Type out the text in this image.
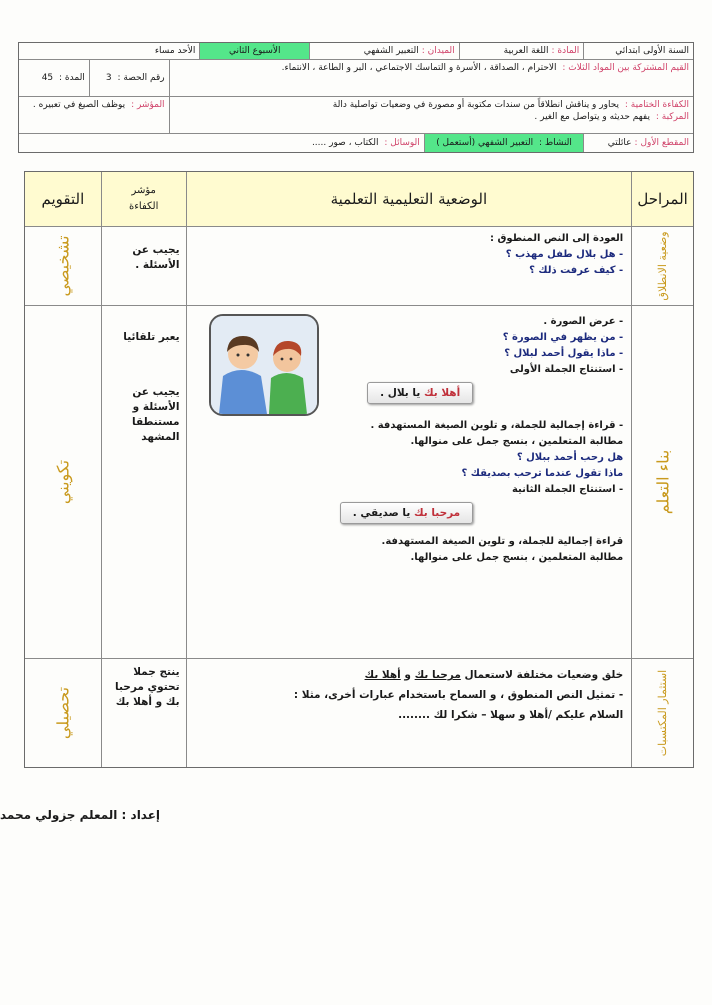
السنة الأولى ابتدائي
المادة :
اللغة العربية
الميدان :
التعبير الشفهي
الأسبوع الثاني
الأحد مساء
القيم المشتركة بين المواد الثلاث : الاحترام ، الصداقة ، الأسرة و التماسك الاجتماعي ، البر و الطاعة ، الانتماء.
رقم الحصة :

3
المدة :

45
الكفاءة الختامية : يحاور و يناقش انطلاقاً من سندات مكتوبة أو مصورة في وضعيات تواصلية دالة
المركبة : يفهم حديثه و يتواصل مع الغير .
المؤشر : يوظف الصيغ في تعبيره .
المقطع الأول :
عائلتي
النشاط :

التعبير الشفهي (أستعمل )
الوسائل :

الكتاب ، صور .....
المراحل
الوضعية التعليمية التعلمية
مؤشر
الكفاءة
التقويم
وضعية الانطلاق
العودة إلى النص المنطوق :
- هل بلال طفل مهذب ؟
- كيف عرفت ذلك ؟
يجيب عن الأسئلة .
تشخيصي
بناء التعلم
- عرض الصورة .
- من يظهر في الصورة ؟
- ماذا يقول أحمد لبلال ؟
- استنتاج الجملة الأولى
أهلا بك يا بلال .
- قراءة إجمالية للجملة، و تلوين الصيغة المستهدفة .
مطالبة المتعلمين ، بنسج جمل على منوالها.
هل رحب أحمد ببلال ؟
ماذا تقول عندما ترحب بصديقك ؟
- استنتاج الجملة الثانية
مرحبا بك يا صديقي .
قراءة إجمالية للجملة، و تلوين الصيغة المستهدفة.
مطالبة المتعلمين ، بنسج جمل على منوالها.
يعبر تلقائيا
يجيب عن الأسئلة و مستنطقا المشهد
تكويني
استثمار المكتسبات
خلق وضعيات مختلفة لاستعمال مرحبا بك و أهلا بك
- تمثيل النص المنطوق ، و السماح باستخدام عبارات أخرى، مثلا :
السلام عليكم /أهلا و سهلا – شكرا لك ........
ينتج جملا تحتوي مرحبا بك و أهلا بك
تحصيلي
إعداد : المعلم جزولي محمد
